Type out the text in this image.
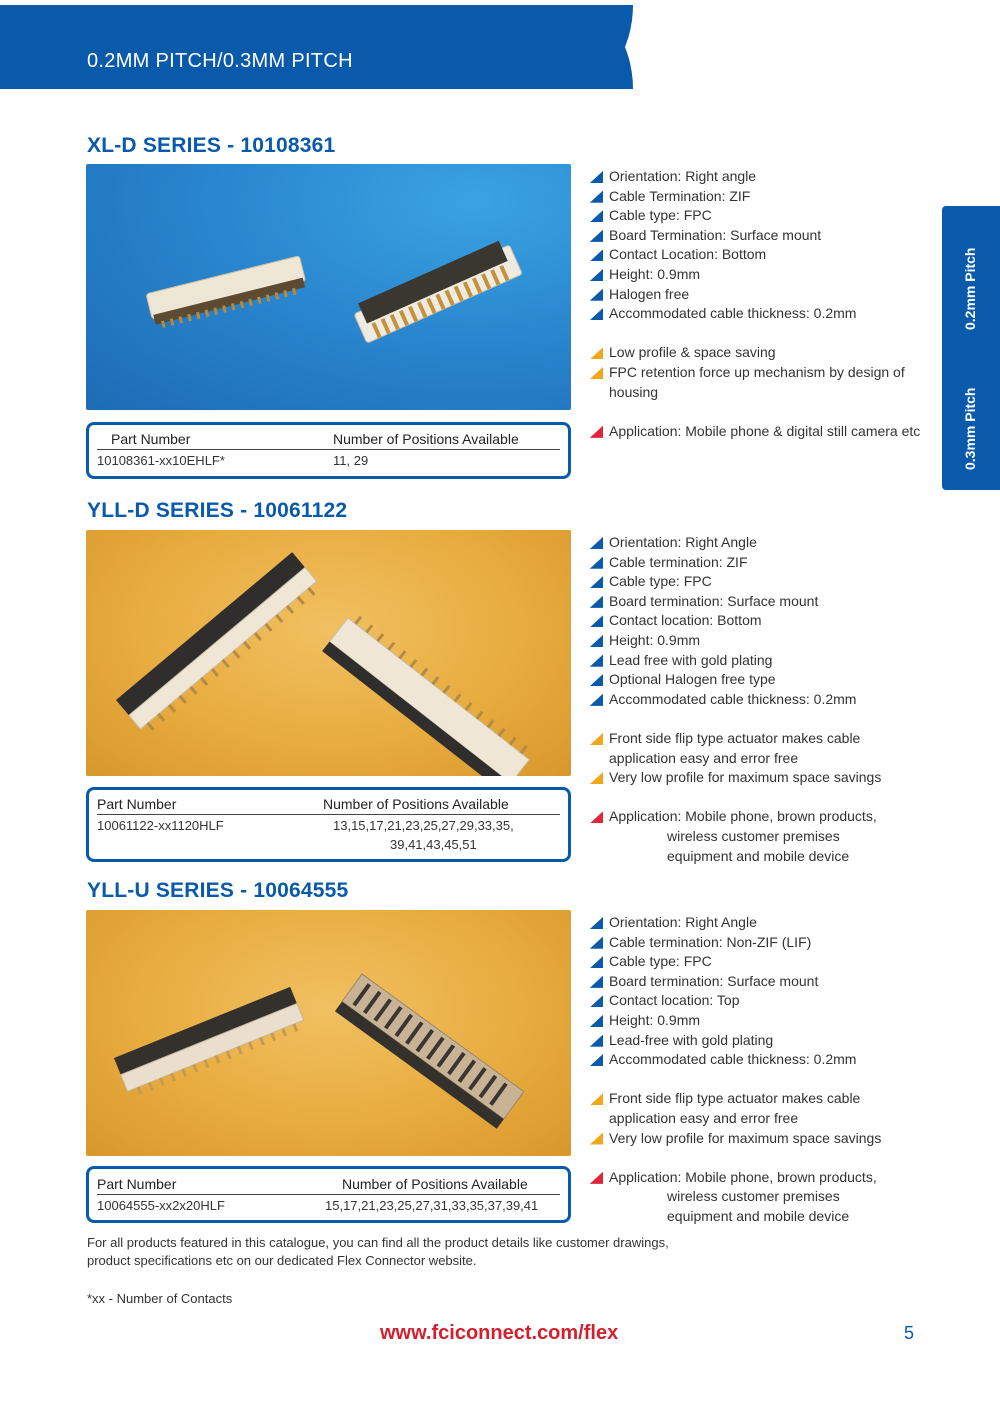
0.2MM PITCH/0.3MM PITCH
0.2mm Pitch
0.3mm Pitch
XL-D SERIES - 10108361
Part Number	Number of Positions Available
10108361-xx10EHLF*	11, 29
Orientation: Right angle
Cable Termination: ZIF
Cable type: FPC
Board Termination: Surface mount
Contact Location: Bottom
Height: 0.9mm
Halogen free
Accommodated cable thickness: 0.2mm
Low profile & space saving
FPC retention force up mechanism by design of
housing
Application: Mobile phone & digital still camera etc
YLL-D SERIES - 10061122
Part Number	Number of Positions Available
10061122-xx1120HLF	13,15,17,21,23,25,27,29,33,35,
39,41,43,45,51
Orientation: Right Angle
Cable termination: ZIF
Cable type: FPC
Board termination: Surface mount
Contact location: Bottom
Height: 0.9mm
Lead free with gold plating
Optional Halogen free type
Accommodated cable thickness: 0.2mm
Front side flip type actuator makes cable
application easy and error free
Very low profile for maximum space savings
Application: Mobile phone, brown products,
wireless customer premises
equipment and mobile device
YLL-U SERIES - 10064555
Part Number	Number of Positions Available
10064555-xx2x20HLF	15,17,21,23,25,27,31,33,35,37,39,41
Orientation: Right Angle
Cable termination: Non-ZIF (LIF)
Cable type: FPC
Board termination: Surface mount
Contact location: Top
Height: 0.9mm
Lead-free with gold plating
Accommodated cable thickness: 0.2mm
Front side flip type actuator makes cable
application easy and error free
Very low profile for maximum space savings
Application: Mobile phone, brown products,
wireless customer premises
equipment and mobile device
For all products featured in this catalogue, you can find all the product details like customer drawings,
product specifications etc on our dedicated Flex Connector website.
*xx - Number of Contacts
www.fciconnect.com/flex	5
